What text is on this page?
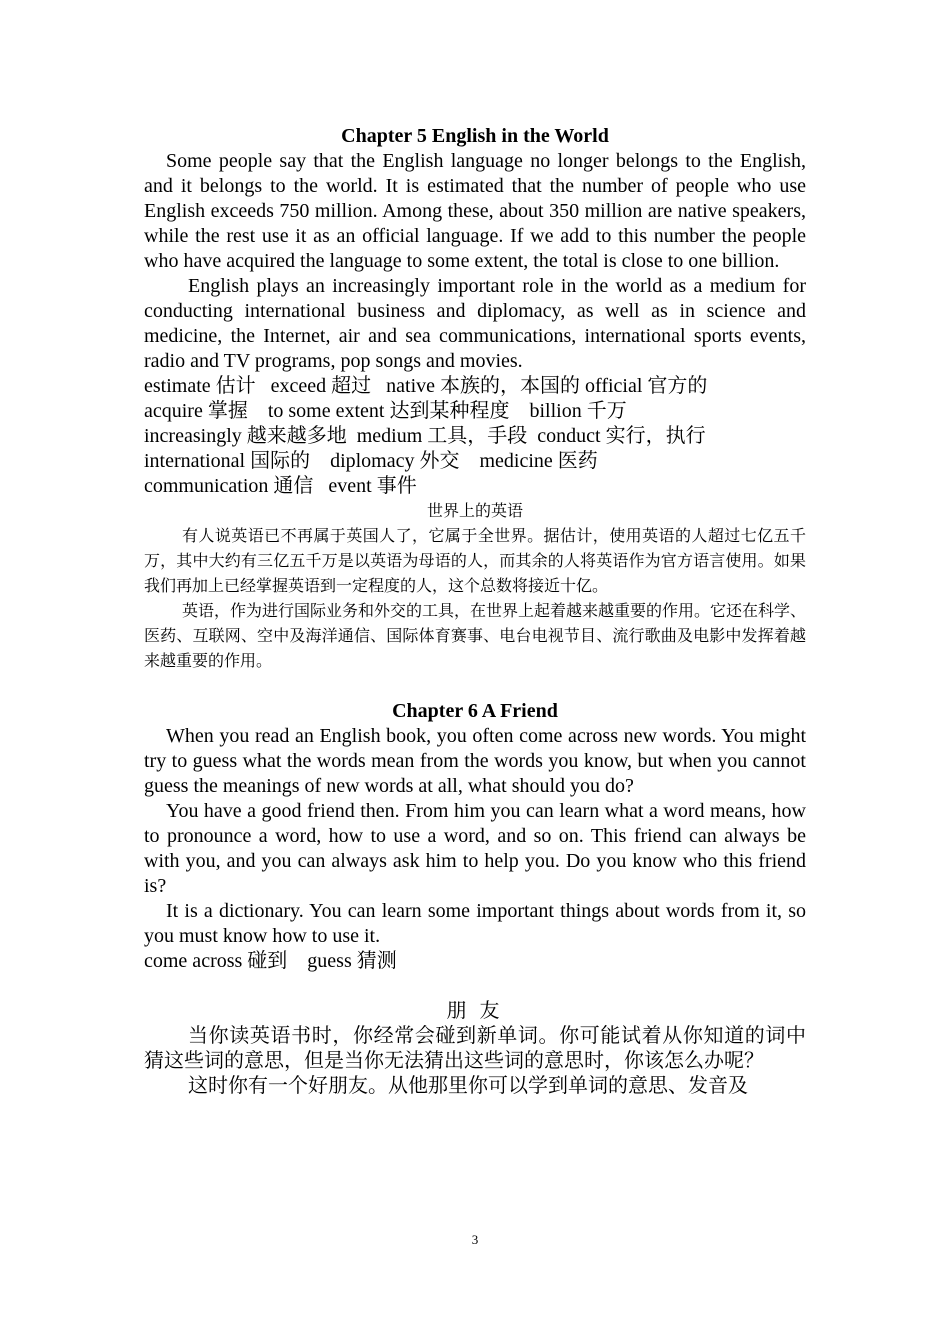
Chapter 5 English in the World

Some people say that the English language no longer belongs to the English, and it belongs to the world. It is estimated that the number of people who use English exceeds 750 million. Among these, about 350 million are native speakers, while the rest use it as an official language. If we add to this number the people who have acquired the language to some extent, the total is close to one billion.

English plays an increasingly important role in the world as a medium for conducting international business and diplomacy, as well as in science and medicine, the Internet, air and sea communications, international sports events, radio and TV programs, pop songs and movies.

estimate 估计   exceed 超过   native 本族的，本国的 official 官方的

acquire 掌握    to some extent 达到某种程度    billion 千万

increasingly 越来越多地  medium 工具，手段  conduct 实行，执行

international 国际的    diplomacy 外交    medicine 医药

communication 通信   event 事件

世界上的英语

有人说英语已不再属于英国人了，它属于全世界。据估计，使用英语的人超过七亿五千万，其中大约有三亿五千万是以英语为母语的人，而其余的人将英语作为官方语言使用。如果我们再加上已经掌握英语到一定程度的人，这个总数将接近十亿。

英语，作为进行国际业务和外交的工具，在世界上起着越来越重要的作用。它还在科学、医药、互联网、空中及海洋通信、国际体育赛事、电台电视节目、流行歌曲及电影中发挥着越来越重要的作用。

Chapter 6 A Friend

When you read an English book, you often come across new words. You might try to guess what the words mean from the words you know, but when you cannot guess the meanings of new words at all, what should you do?

You have a good friend then. From him you can learn what a word means, how to pronounce a word, how to use a word, and so on. This friend can always be with you, and you can always ask him to help you. Do you know who this friend is?

It is a dictionary. You can learn some important things about words from it, so you must know how to use it.

come across 碰到    guess 猜测

朋 友

当你读英语书时，你经常会碰到新单词。你可能试着从你知道的词中猜这些词的意思，但是当你无法猜出这些词的意思时，你该怎么办呢？

这时你有一个好朋友。从他那里你可以学到单词的意思、发音及

3
